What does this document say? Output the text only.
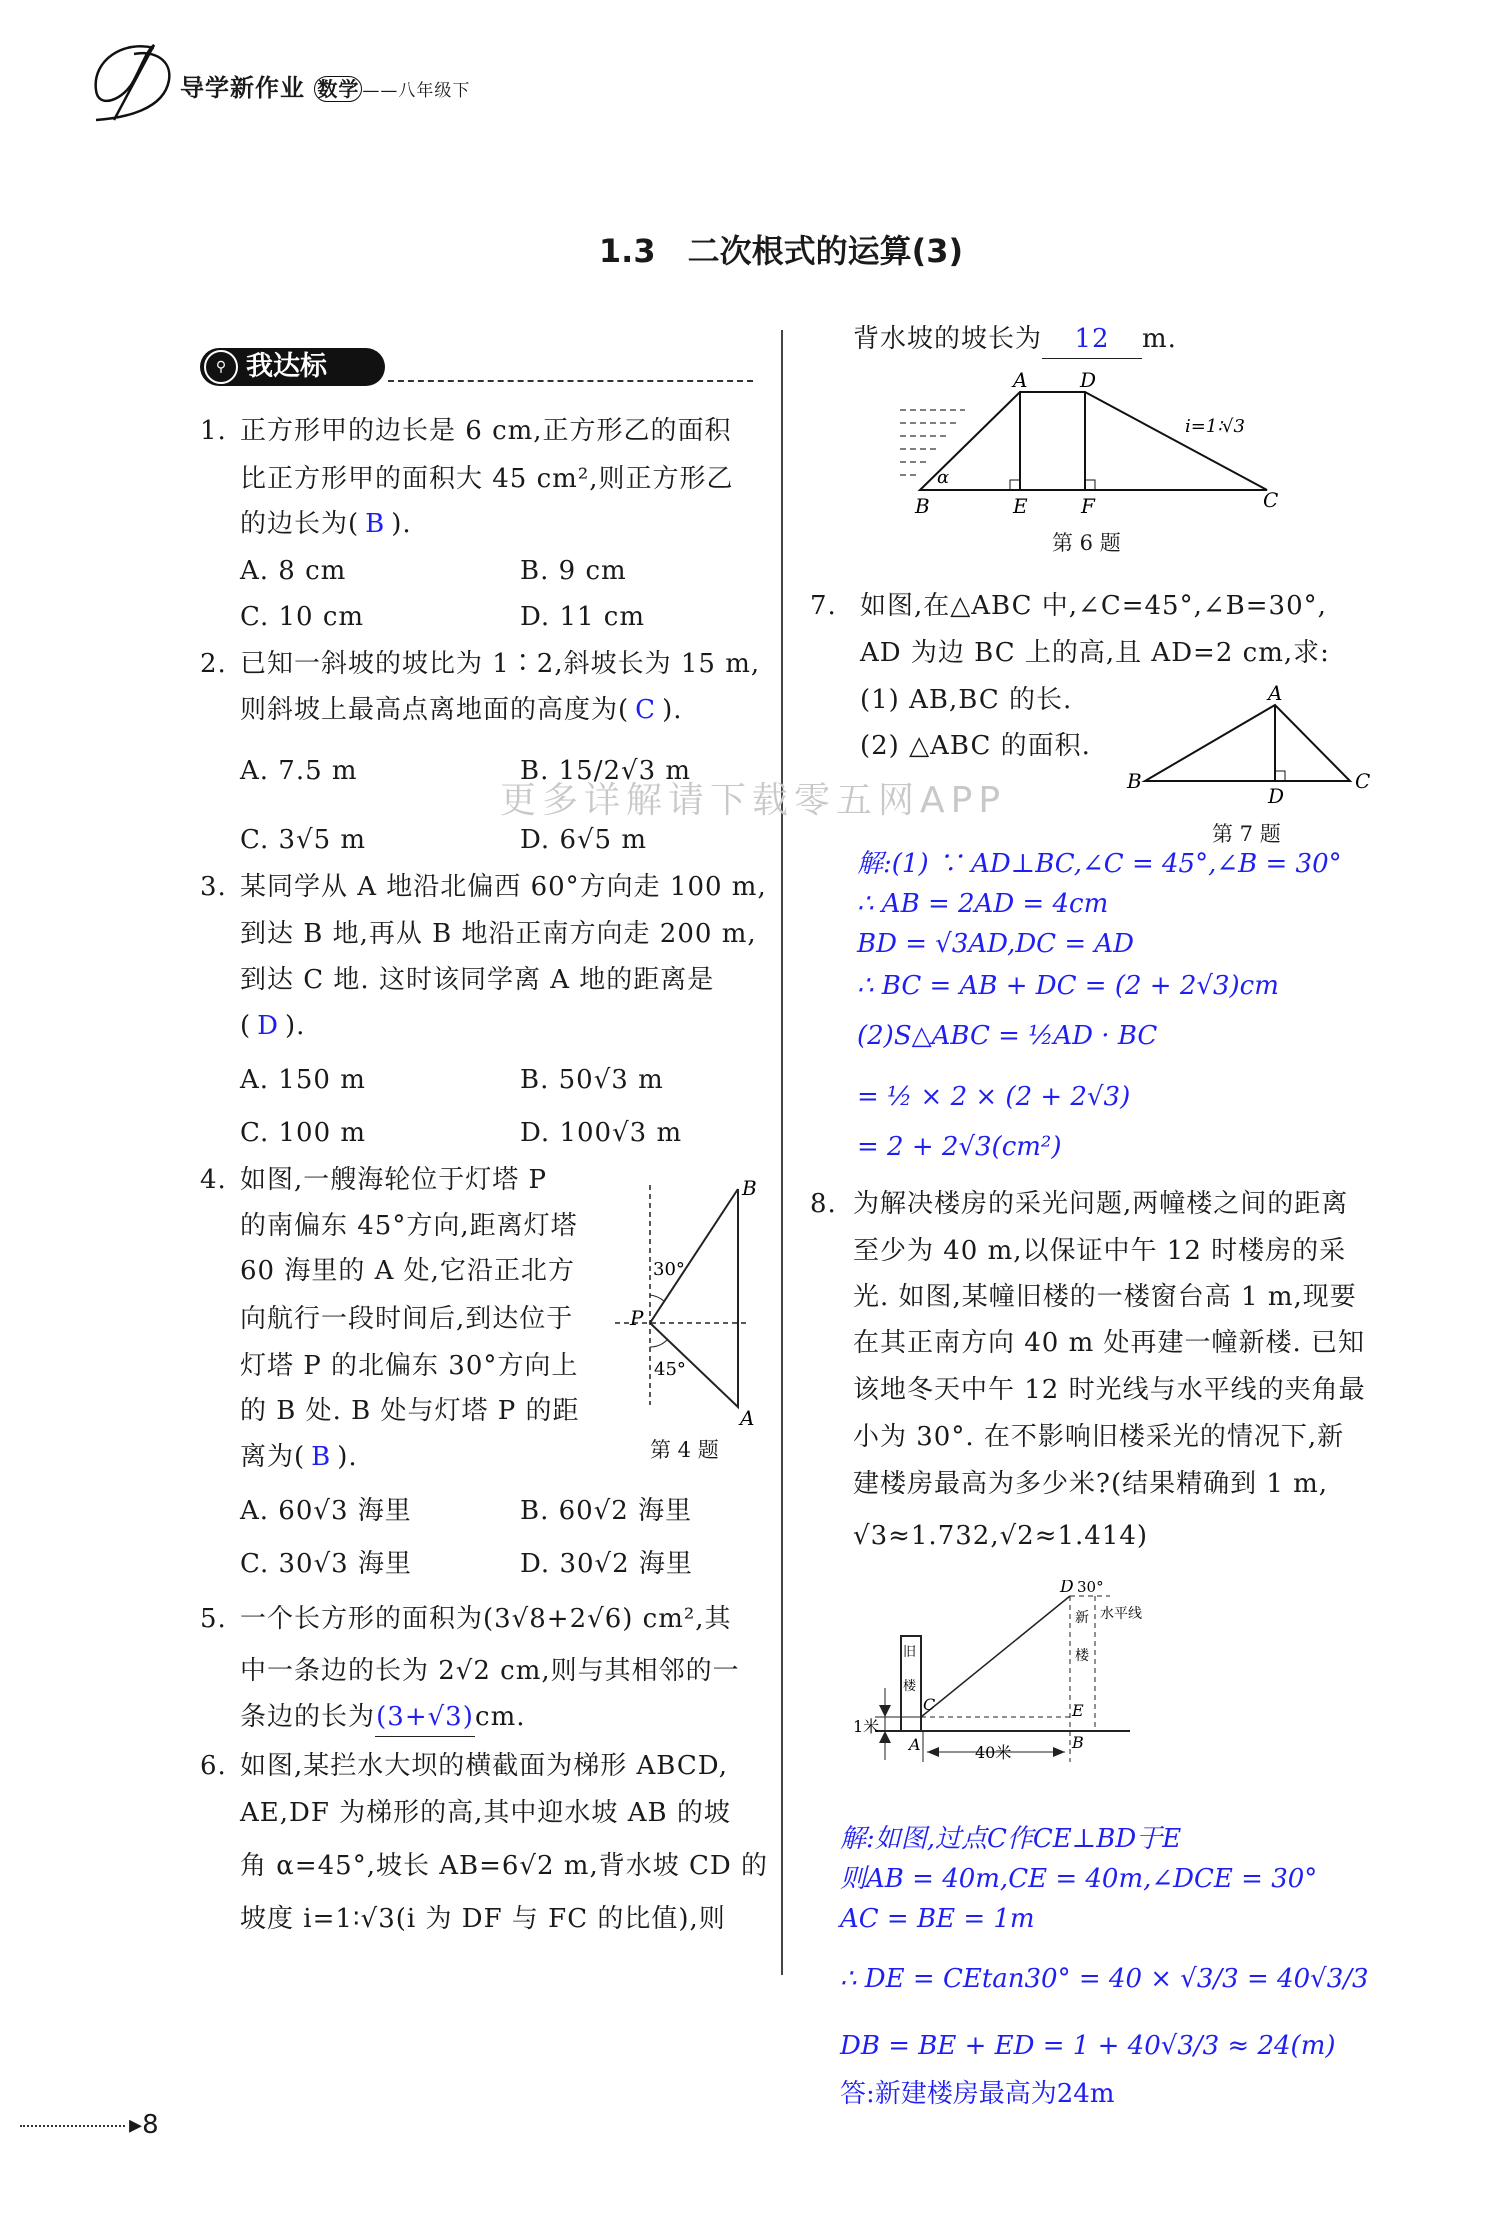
导学新作业 数学 ——八年级下
1.3　二次根式的运算(3)
⚲ 我达标
更多详解请下载零五网APP
1. 正方形甲的边长是 6 cm,正方形乙的面积
比正方形甲的面积大 45 cm²,则正方形乙
的边长为( B ).
A. 8 cm	B. 9 cm
C. 10 cm	D. 11 cm
2. 已知一斜坡的坡比为 1∶2,斜坡长为 15 m,
则斜坡上最高点离地面的高度为( C ).
A. 7.5 m	B. 15/2√3 m
C. 3√5 m	D. 6√5 m
3. 某同学从 A 地沿北偏西 60°方向走 100 m,
到达 B 地,再从 B 地沿正南方向走 200 m,
到达 C 地. 这时该同学离 A 地的距离是
( D ).
A. 150 m	B. 50√3 m
C. 100 m	D. 100√3 m
4. 如图,一艘海轮位于灯塔 P
的南偏东 45°方向,距离灯塔
60 海里的 A 处,它沿正北方
向航行一段时间后,到达位于
灯塔 P 的北偏东 30°方向上
的 B 处. B 处与灯塔 P 的距
离为( B ).
B
P
A
30°
45°
第 4 题
A. 60√3 海里	B. 60√2 海里
C. 30√3 海里	D. 30√2 海里
5. 一个长方形的面积为(3√8+2√6) cm²,其
中一条边的长为 2√2 cm,则与其相邻的一
条边的长为(3+√3)cm.
6. 如图,某拦水大坝的横截面为梯形 ABCD,
AE,DF 为梯形的高,其中迎水坡 AB 的坡
角 α=45°,坡长 AB=6√2 m,背水坡 CD 的
坡度 i=1∶√3(i 为 DF 与 FC 的比值),则
背水坡的坡长为 12 m.
A	D
B	E	F	C
α
i=1∶√3
第 6 题
7. 如图,在△ABC 中,∠C=45°,∠B=30°,
AD 为边 BC 上的高,且 AD=2 cm,求:
(1) AB,BC 的长.
(2) △ABC 的面积.
A
B
D
C
第 7 题
解:(1) ∵ AD⊥BC,∠C = 45°,∠B = 30°
∴ AB = 2AD = 4cm
BD = √3AD,DC = AD
∴ BC = AB + DC = (2 + 2√3)cm
(2)S△ABC = ½AD · BC
= ½ × 2 × (2 + 2√3)
= 2 + 2√3(cm²)
8. 为解决楼房的采光问题,两幢楼之间的距离
至少为 40 m,以保证中午 12 时楼房的采
光. 如图,某幢旧楼的一楼窗台高 1 m,现要
在其正南方向 40 m 处再建一幢新楼. 已知
该地冬天中午 12 时光线与水平线的夹角最
小为 30°. 在不影响旧楼采光的情况下,新
建楼房最高为多少米?(结果精确到 1 m,
√3≈1.732,√2≈1.414)
D 30°
新
楼
水平线
旧
楼
C	E
1米
A	40米
B
解:如图,过点C作CE⊥BD于E
则AB = 40m,CE = 40m,∠DCE = 30°
AC = BE = 1m
∴ DE = CEtan30° = 40 × √3/3 = 40√3/3
DB = BE + ED = 1 + 40√3/3 ≈ 24(m)
答:新建楼房最高为24m
▸8
